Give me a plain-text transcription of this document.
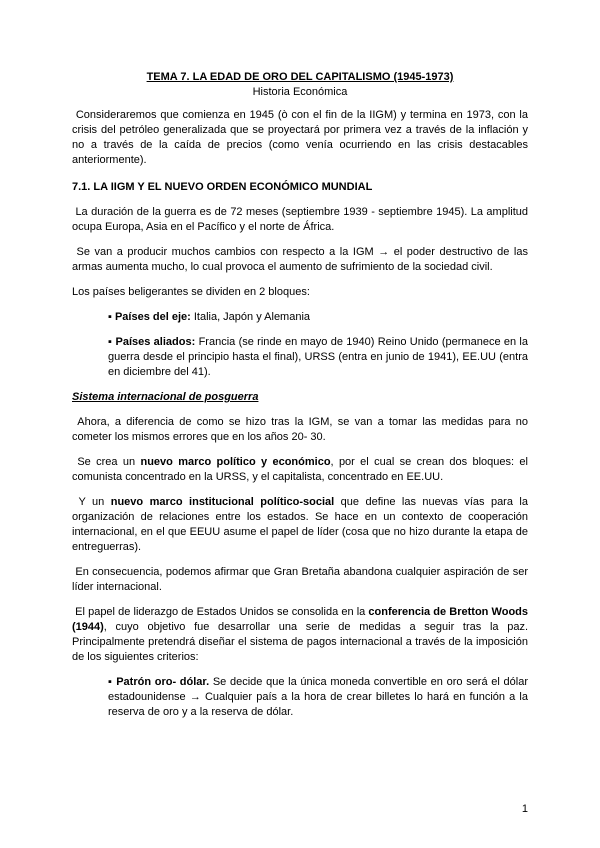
TEMA 7. LA EDAD DE ORO DEL CAPITALISMO (1945-1973)
Historia Económica

Consideraremos que comienza en 1945 (ò con el fin de la IIGM) y termina en 1973, con la crisis del petróleo generalizada que se proyectará por primera vez a través de la inflación y no a través de la caída de precios (como venía ocurriendo en las crisis destacables anteriormente).

7.1. LA IIGM Y EL NUEVO ORDEN ECONÓMICO MUNDIAL

La duración de la guerra es de 72 meses (septiembre 1939 - septiembre 1945). La amplitud ocupa Europa, Asia en el Pacífico y el norte de África.

Se van a producir muchos cambios con respecto a la IGM → el poder destructivo de las armas aumenta mucho, lo cual provoca el aumento de sufrimiento de la sociedad civil.

Los países beligerantes se dividen en 2 bloques:

▪ Países del eje: Italia, Japón y Alemania
▪ Países aliados: Francia (se rinde en mayo de 1940) Reino Unido (permanece en la guerra desde el principio hasta el final), URSS (entra en junio de 1941), EE.UU (entra en diciembre del 41).
Sistema internacional de posguerra

Ahora, a diferencia de como se hizo tras la IGM, se van a tomar las medidas para no cometer los mismos errores que en los años 20- 30.

Se crea un nuevo marco político y económico, por el cual se crean dos bloques: el comunista concentrado en la URSS, y el capitalista, concentrado en EE.UU.

Y un nuevo marco institucional político-social que define las nuevas vías para la organización de relaciones entre los estados. Se hace en un contexto de cooperación internacional, en el que EEUU asume el papel de líder (cosa que no hizo durante la etapa de entreguerras).

En consecuencia, podemos afirmar que Gran Bretaña abandona cualquier aspiración de ser líder internacional.

El papel de liderazgo de Estados Unidos se consolida en la conferencia de Bretton Woods (1944), cuyo objetivo fue desarrollar una serie de medidas a seguir tras la paz. Principalmente pretendrá diseñar el sistema de pagos internacional a través de la imposición de los siguientes criterios:

▪ Patrón oro- dólar. Se decide que la única moneda convertible en oro será el dólar estadounidense → Cualquier país a la hora de crear billetes lo hará en función a la reserva de oro y a la reserva de dólar.
1
